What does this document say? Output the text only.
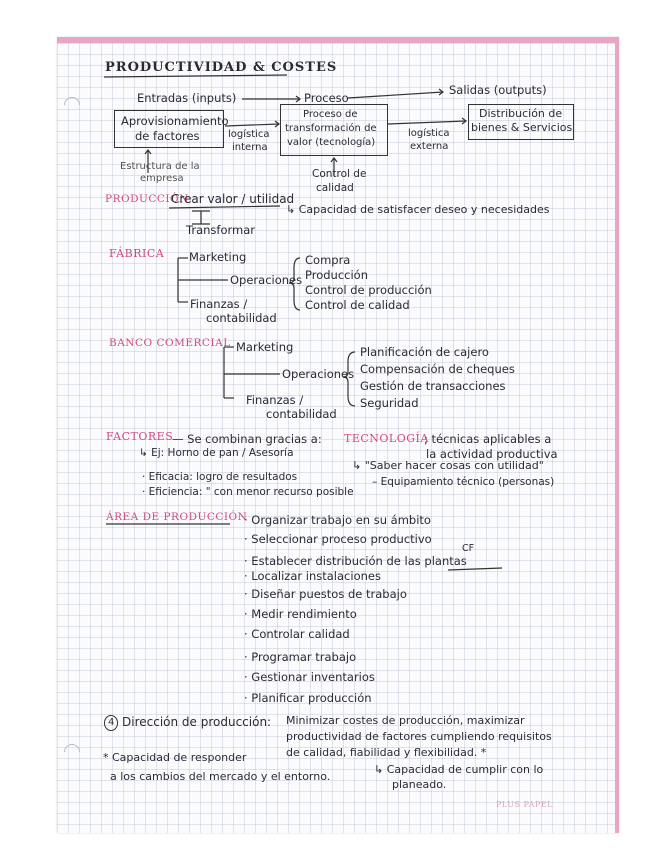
PRODUCTIVIDAD & COSTES
Entradas (inputs)	Proceso
Salidas (outputs)
Aprovisionamiento
de factores
Proceso de
transformación de
valor (tecnología)
Distribución de
bienes & Servicios
logística
interna
logística
externa
Estructura de la
empresa	Control de
calidad
PRODUCCIÓN:
Crear valor / utilidad
↳ Capacidad de satisfacer deseo y necesidades
Transformar
FÁBRICA Marketing
Operaciones
Finanzas /
contabilidad
Compra
Producción
Control de producción
Control de calidad
BANCO COMERCIAL Marketing
Operaciones
Finanzas /
contabilidad
Planificación de cajero
Compensación de cheques
Gestión de transacciones
Seguridad
FACTORES
— Se combinan gracias a: TECNOLOGÍA
; técnicas aplicables a
la actividad productiva
↳ Ej: Horno de pan / Asesoría
↳ "Saber hacer cosas con utilidad"
· Eficacia: logro de resultados
· Eficiencia: " con menor recurso posible
– Equipamiento técnico (personas)
ÁREA DE PRODUCCIÓN
CF
· Organizar trabajo en su ámbito
· Seleccionar proceso productivo
· Establecer distribución de las plantas
· Localizar instalaciones
· Diseñar puestos de trabajo
· Medir rendimiento
· Controlar calidad
· Programar trabajo
· Gestionar inventarios
· Planificar producción
4 Dirección de producción: Minimizar costes de producción, maximizar
productividad de factores cumpliendo requisitos
de calidad, fiabilidad y flexibilidad. *
↳ Capacidad de cumplir con lo
planeado.
* Capacidad de responder
a los cambios del mercado y el entorno.
PLUS PAPEL
